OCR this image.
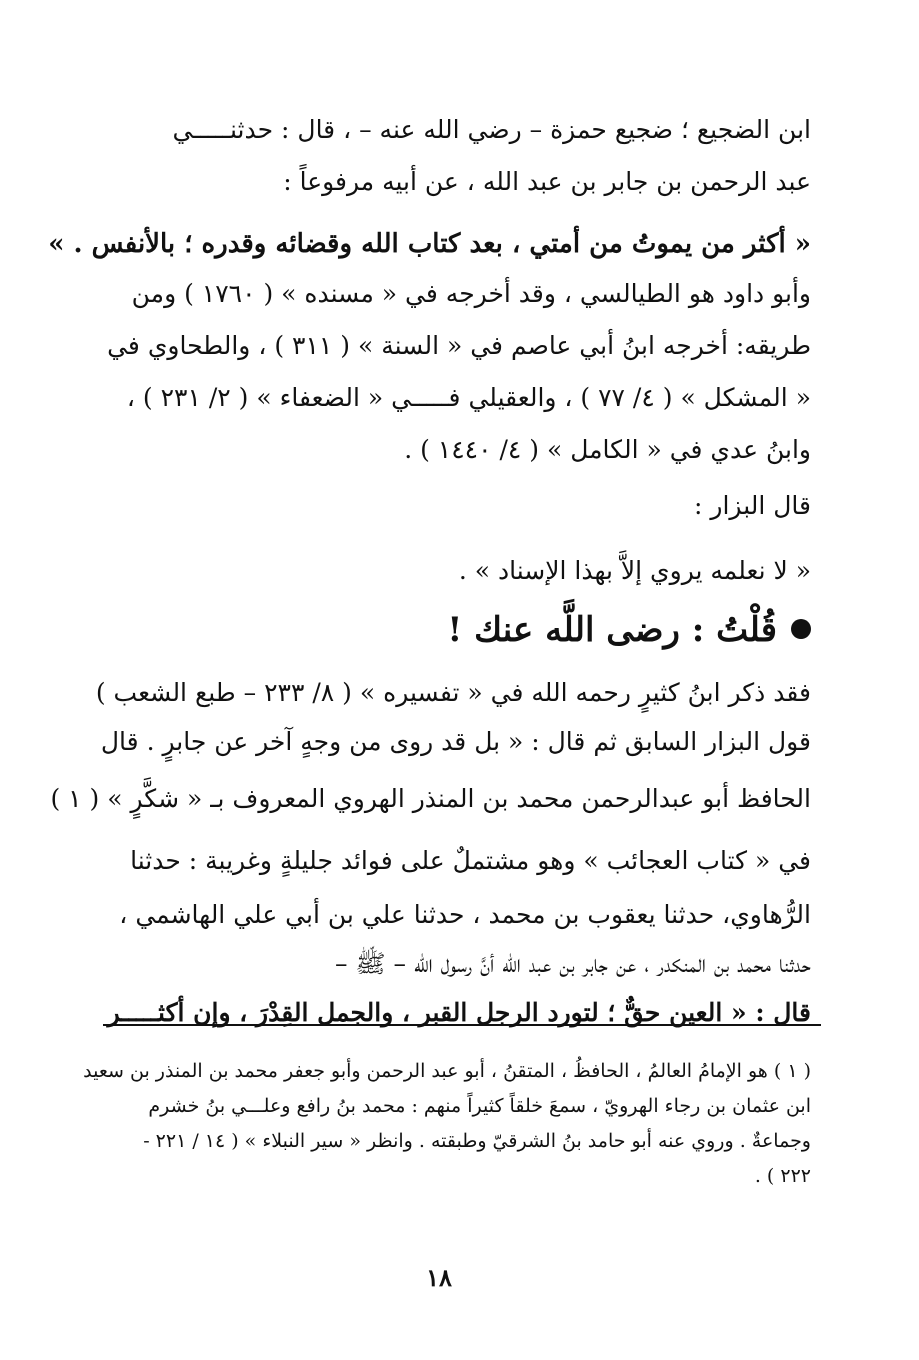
ابن الضجيع ؛ ضجيع حمزة – رضي الله عنه – ، قال : حدثنـــــي
عبد الرحمن بن جابر بن عبد الله ، عن أبيه مرفوعاً :
« أكثر من يموتُ من أمتي ، بعد كتاب الله وقضائه وقدره ؛ بالأنفس . »
وأبو داود هو الطيالسي ، وقد أخرجه في « مسنده » ( ١٧٦٠ ) ومن
طريقه: أخرجه ابنُ أبي عاصم في « السنة » ( ٣١١ ) ، والطحاوي في
« المشكل » ( ٤/ ٧٧ ) ، والعقيلي فـــــي « الضعفاء » ( ٢/ ٢٣١ ) ،
وابنُ عدي في « الكامل » ( ٤/ ١٤٤٠ ) .
قال البزار :
« لا نعلمه يروي إلاَّ بهذا الإسناد » .
قُلْتُ : رضى اللَّه عنك !
فقد ذكر ابنُ كثيرٍ رحمه الله في « تفسيره » ( ٨/ ٢٣٣ – طبع الشعب )
قول البزار السابق ثم قال : « بل قد روى من وجهٍ آخر عن جابرٍ . قال
الحافظ أبو عبدالرحمن محمد بن المنذر الهروي المعروف بـ « شكَّرٍ » ( ١ )
في « كتاب العجائب » وهو مشتملٌ على فوائد جليلةٍ وغريبة : حدثنا
الرُّهاوي، حدثنا يعقوب بن محمد ، حدثنا علي بن أبي علي الهاشمي ،
حدثنا محمد بن المنكدر ، عن جابر بن عبد الله أنَّ رسول الله – ﷺ –
قال : « العين حقٌّ ؛ لتورد الرجل القبر ، والجمل القِدْرَ ، وإن أكثـــــر
( ١ ) هو الإمامُ العالمُ ، الحافظُ ، المتقنُ ، أبو عبد الرحمن وأبو جعفر محمد بن المنذر بن سعيد
ابن عثمان بن رجاء الهرويّ ، سمعَ خلقاً كثيراً منهم : محمد بنُ رافع وعلـــي بنُ خشرم
وجماعةٌ . وروي عنه أبو حامد بنُ الشرقيّ وطبقته . وانظر « سير النبلاء » ( ١٤ / ٢٢١ -
٢٢٢ ) .
١٨
